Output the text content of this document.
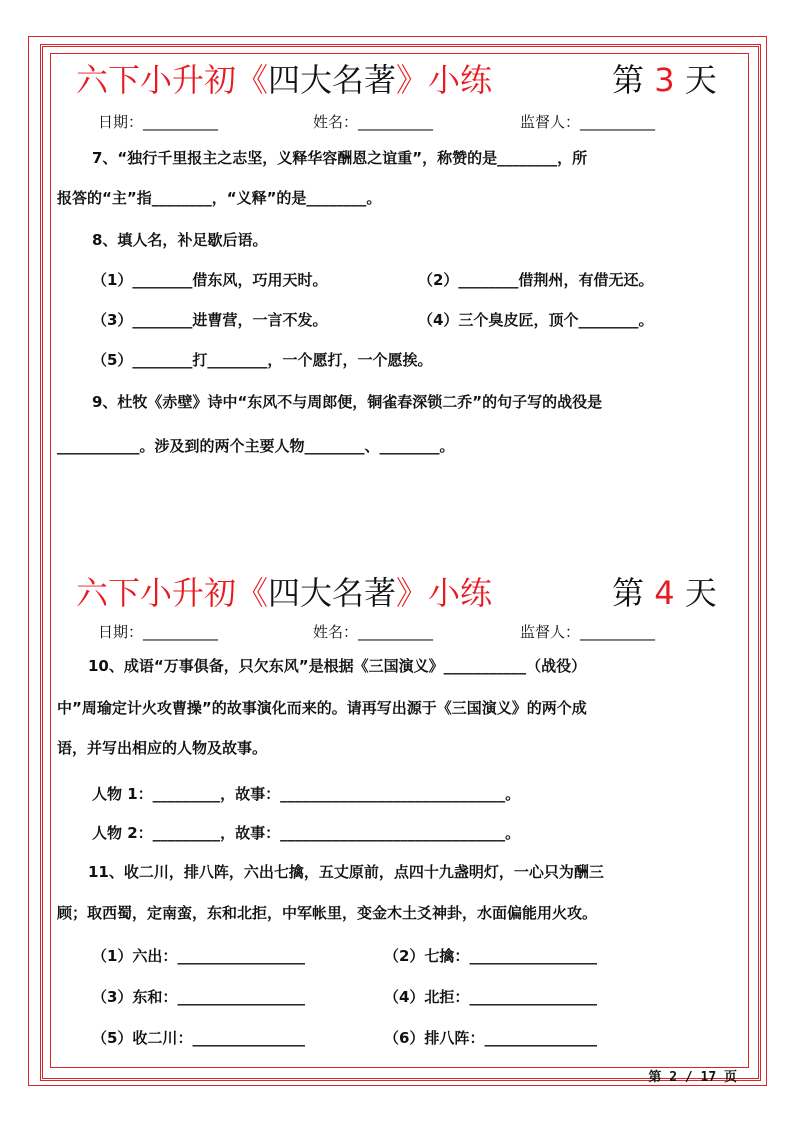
六下小升初《四大名著》小练	第 3 天
日期：__________	姓名：__________	监督人：__________
7、“独行千里报主之志坚，义释华容酬恩之谊重”，称赞的是________，所
报答的“主”指________，“义释”的是________。
8、填人名，补足歇后语。
（1）________借东风，巧用天时。	（2）________借荆州，有借无还。
（3）________进曹营，一言不发。	（4）三个臭皮匠，顶个________。
（5）________打________，一个愿打，一个愿挨。
9、杜牧《赤壁》诗中“东风不与周郎便，铜雀春深锁二乔”的句子写的战役是
___________。涉及到的两个主要人物________、________。
六下小升初《四大名著》小练	第 4 天
日期：__________	姓名：__________	监督人：__________
10、成语“万事俱备，只欠东风”是根据《三国演义》___________（战役）
中”周瑜定计火攻曹操”的故事演化而来的。请再写出源于《三国演义》的两个成
语，并写出相应的人物及故事。
人物 1：_________，故事：______________________________。
人物 2：_________，故事：______________________________。
11、收二川，排八阵，六出七擒，五丈原前，点四十九盏明灯，一心只为酬三
顾；取西蜀，定南蛮，东和北拒，中军帐里，变金木土爻神卦，水面偏能用火攻。
（1）六出：_________________	（2）七擒：_________________
（3）东和：_________________	（4）北拒：_________________
（5）收二川：_______________	（6）排八阵：_______________
第 2 / 17 页
